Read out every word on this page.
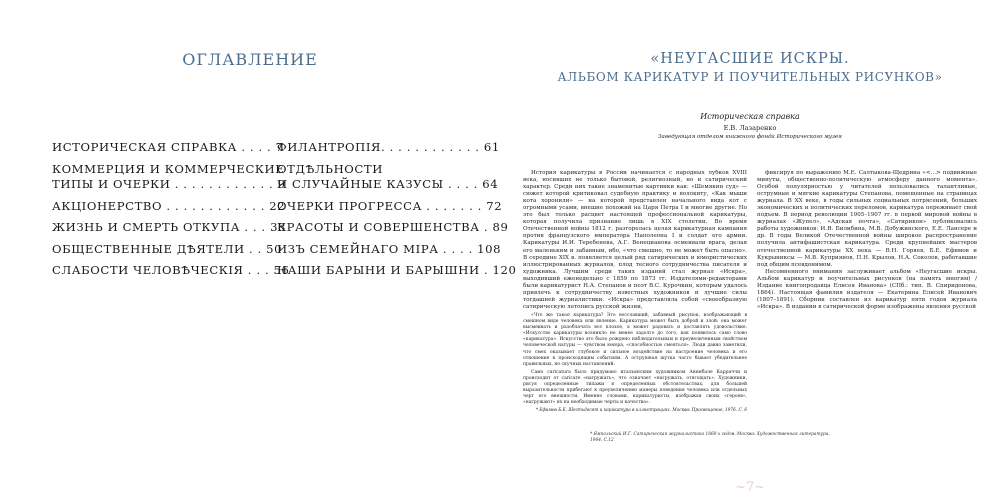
ОГЛАВЛЕНИЕ
ИСТОРИЧЕСКАЯ СПРАВКА . . . . 7
КОММЕРЦИЯ И КОММЕРЧЕСКИЕ
ТИПЫ И ОЧЕРКИ . . . . . . . . . . . . 9
АКЦІОНЕРСТВО . . . . . . . . . . . . 22
ЖИЗНЬ И СМЕРТЬ ОТКУПА . . . 38
ОБЩЕСТВЕННЫЕ ДѢЯТЕЛИ . . 50
СЛАБОСТИ ЧЕЛОВѢЧЕСКІЯ . . . 56
ФИЛАНТРОПІЯ. . . . . . . . . . . . 61
ОТДѢЛЬНОСТИ
И СЛУЧАЙНЫЕ КАЗУСЫ . . . . 64
ОЧЕРКИ ПРОГРЕССА . . . . . . . 72
КРАСОТЫ И СОВЕРШЕНСТВА . 89
ИЗЪ СЕМЕЙНАГО МІРА . . . . 108
НАШИ БАРЫНИ И БАРЫШНИ . 120
«НЕУГАСШИЕ ИСКРЫ.
АЛЬБОМ КАРИКАТУР И ПОУЧИТЕЛЬНЫХ РИСУНКОВ»
Историческая справка
Е.В. Лазаренко
Заведующая отделом книжного фонда Исторического музея

История карикатуры в России начинается с народных лубков XVIII века, носивших не только бытовой, религиозный, но и сатирический характер. Среди них такие знаменитые картинки как: «Шемякин суд» — сюжет которой критиковал судебную практику и волокиту, «Как мыши кота хоронили» — на которой представлен начального вида кот с огромными усами, внешне похожий на Царя Петра I и многие другие. Но это был только расцвет настоящей профессиональной карикатуры, которая получила признание лишь в XIX столетии. Во время Отечественной войны 1812 г. разгорелась целая карикатурная кампания против французского императора Наполеона I и солдат его армии. Карикатуры И.И. Теребенева, А.Г. Венецианова осмеивали врага, делая его маленьким и забавным, ибо, «что смешно, то не может быть опасно». В середине XIX в. появляется целый ряд сатирических и юмористических иллюстрированных журналов, плод тесного сотрудничества писателя и художника. Лучшим среди таких изданий стал журнал «Искра», выходивший еженедельно с 1859 по 1873 гг. Издателями-редакторами были карикатурист Н.А. Степанов и поэт В.С. Курочкин, которым удалось привлечь к сотрудничеству известных художников и лучшие силы тогдашней журналистики. «Искра» представляла собой «своеобразную сатирическую летопись русской жизни,

«Что же такое карикатура? Это восславший, забавный рисунок, изображающий в смешном виде человека или явление. Карикатура может быть доброй и злой: она может высмеивать и разоблачать все плохое, а может радовать и доставлять удовольствие. «Искусство карикатуры возникло не менее задолго до того, как появилось само слово «карикатура». Искусство это было рождено наблюдательным и преувеличенным свойством человеческой натуры — чувством юмора, «способностью смеяться». Люди давно заметили, что смех оказывает глубокое и сильное воздействие на настроение человека и его отношение к происходящим событиям. А острушная шутка часто бывает убедительнее правильных, но скучных наставлений.

Само caricatura было придумано итальянским художником Аннибале Карраччи и происходит от caricare «нагружать», что означает «нагружать, отягощать». Художники, рисуя определенные типажи в определенных обстоятельствах, для большей выразительности прибегают к преувеличению манеры поведения человека или отдельных черт его внешности. Именно словами, карикатуристы, изображая своих «героев», «нагружают» их на необходимые черты и качества».

* Ефимов Б.Е. Шестьдесят и карикатура в иллюстрациях. Москва: Просвещение, 1976. С. 6

фиксируя по выражению М.Е. Салтыкова-Щедрина «<...> подвижные минуты, общественно-политическую атмосферу данного момента». Особой популярностью у читателей пользовались талантливые, острумные и мягкие карикатуры Степанова, помещенные на страницах журнала. В XX веке, в годы сильных социальных потрясений, больших экономических и политических переломов, карикатура переживает свой подъем. В период революции 1905–1907 гг. в первой мировой войны в журналах «Жупел», «Адская почта», «Сатирикон» публиковались работы художников: И.Я. Билибина, М.В. Добужинского, Е.Е. Лансере и др. В годы Великой Отечественной войны широкое распространение получила антифашистская карикатура. Среди крупнейших мастеров отечественной карикатуры XX века — В.Н. Горяев, Б.Е. Ефимов и Кукрыниксы — М.В. Куприянов, П.Н. Крылов, Н.А. Соколов, работавшие под общим псевдонимом.

Несомненного внимания заслуживает альбом «Неугасшие искры. Альбом карикатур и поучительных рисунков (на память многим) / Издание книгопродавца Елисея Иванова» (СПб.: тип. В. Спиридонова, 1864). Настоящая фамилия издателя — Екатерина Елисей Иванович (1807–1891). Сборник составлен из карикатур пяти годов журнала «Искра». В издании в сатирической форме изображены явления русской

* Ямпольский И.Г. Сатирическая журналистика 1860-х годов. Москва: Художественная литература, 1964. С.12
~7~
